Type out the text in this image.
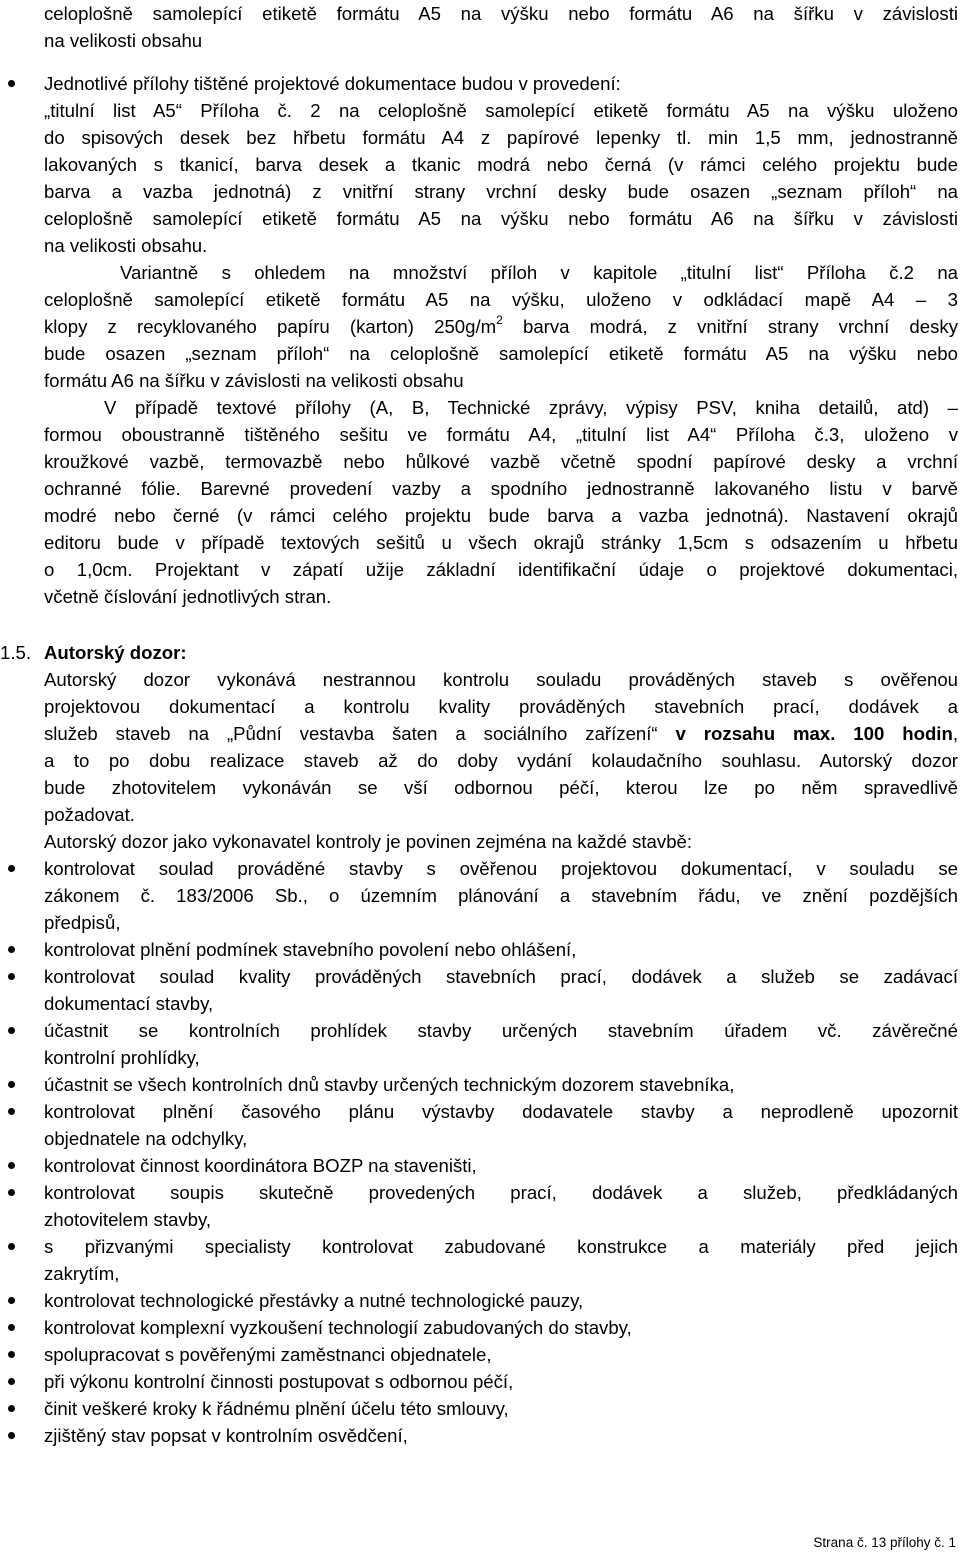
celoplošně samolepící etiketě formátu A5 na výšku nebo formátu A6 na šířku v závislosti
na velikosti obsahu
Jednotlivé přílohy tištěné projektové dokumentace budou v provedení:
„titulní list A5“ Příloha č. 2 na celoplošně samolepící etiketě formátu A5 na výšku uloženo
do spisových desek bez hřbetu formátu A4 z papírové lepenky tl. min 1,5 mm, jednostranně
lakovaných s tkanicí, barva desek a tkanic modrá nebo černá (v rámci celého projektu bude
barva a vazba jednotná) z vnitřní strany vrchní desky bude osazen „seznam příloh“ na
celoplošně samolepící etiketě formátu A5 na výšku nebo formátu A6 na šířku v závislosti
na velikosti obsahu.
Variantně s ohledem na množství příloh v kapitole „titulní list“ Příloha č.2 na
celoplošně samolepící etiketě formátu A5 na výšku, uloženo v odkládací mapě A4 – 3
klopy z recyklovaného papíru (karton) $250g/m^2$ barva modrá, z vnitřní strany vrchní desky
bude osazen „seznam příloh“ na celoplošně samolepící etiketě formátu A5 na výšku nebo
formátu A6 na šířku v závislosti na velikosti obsahu
V případě textové přílohy (A, B, Technické zprávy, výpisy PSV, kniha detailů, atd) –
formou oboustranně tištěného sešitu ve formátu A4, „titulní list A4“ Příloha č.3, uloženo v
kroužkové vazbě, termovazbě nebo hůlkové vazbě včetně spodní papírové desky a vrchní
ochranné fólie. Barevné provedení vazby a spodního jednostranně lakovaného listu v barvě
modré nebo černé (v rámci celého projektu bude barva a vazba jednotná). Nastavení okrajů
editoru bude v případě textových sešitů u všech okrajů stránky 1,5cm s odsazením u hřbetu
o 1,0cm. Projektant v zápatí užije základní identifikační údaje o projektové dokumentaci,
včetně číslování jednotlivých stran.
1.5. Autorský dozor:
Autorský dozor vykonává nestrannou kontrolu souladu prováděných staveb s ověřenou
projektovou dokumentací a kontrolu kvality prováděných stavebních prací, dodávek a
služeb staveb na „Půdní vestavba šaten a sociálního zařízení“ v rozsahu max. 100 hodin,
a to po dobu realizace staveb až do doby vydání kolaudačního souhlasu. Autorský dozor
bude zhotovitelem vykonáván se vší odbornou péčí, kterou lze po něm spravedlivě
požadovat.
Autorský dozor jako vykonavatel kontroly je povinen zejména na každé stavbě:
kontrolovat soulad prováděné stavby s ověřenou projektovou dokumentací, v souladu se
zákonem č. 183/2006 Sb., o územním plánování a stavebním řádu, ve znění pozdějších
předpisů,
kontrolovat plnění podmínek stavebního povolení nebo ohlášení,
kontrolovat soulad kvality prováděných stavebních prací, dodávek a služeb se zadávací
dokumentací stavby,
účastnit se kontrolních prohlídek stavby určených stavebním úřadem vč. závěrečné
kontrolní prohlídky,
účastnit se všech kontrolních dnů stavby určených technickým dozorem stavebníka,
kontrolovat plnění časového plánu výstavby dodavatele stavby a neprodleně upozornit
objednatele na odchylky,
kontrolovat činnost koordinátora BOZP na staveništi,
kontrolovat soupis skutečně provedených prací, dodávek a služeb, předkládaných
zhotovitelem stavby,
s přizvanými specialisty kontrolovat zabudované konstrukce a materiály před jejich
zakrytím,
kontrolovat technologické přestávky a nutné technologické pauzy,
kontrolovat komplexní vyzkoušení technologií zabudovaných do stavby,
spolupracovat s pověřenými zaměstnanci objednatele,
při výkonu kontrolní činnosti postupovat s odbornou péčí,
činit veškeré kroky k řádnému plnění účelu této smlouvy,
zjištěný stav popsat v kontrolním osvědčení,
Strana č. 13 přílohy č. 1
